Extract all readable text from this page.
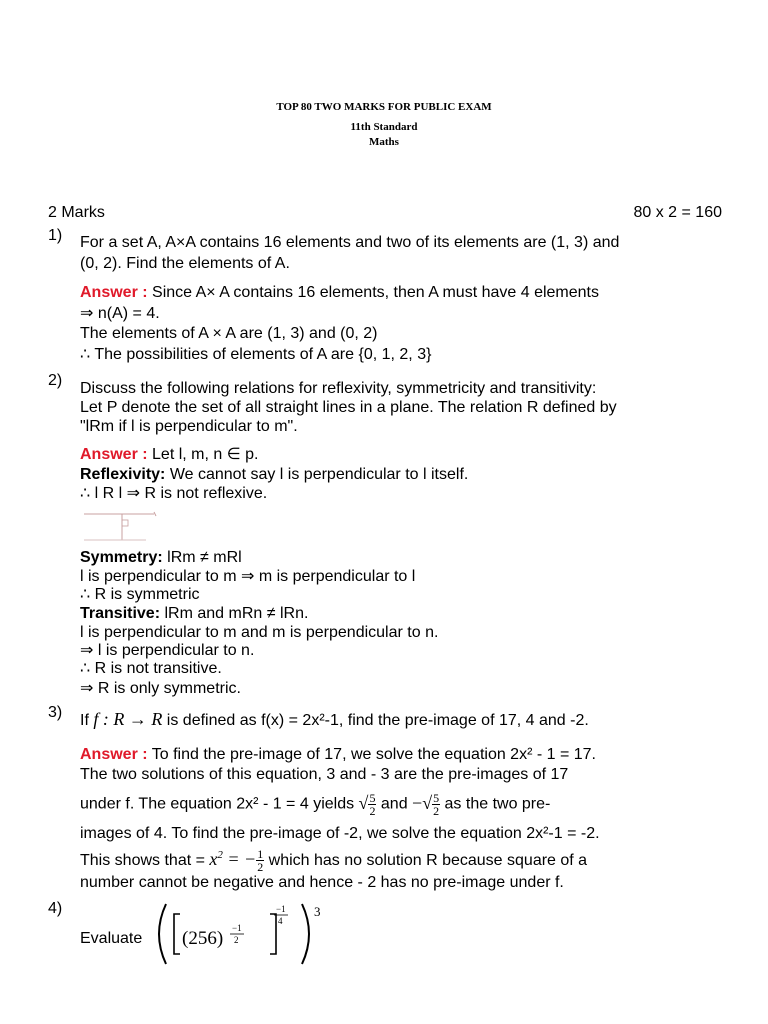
TOP 80 TWO MARKS FOR PUBLIC EXAM
11th Standard
Maths
2 Marks	80 x 2 = 160
1) For a set A, A×A contains 16 elements and two of its elements are (1, 3) and
(0, 2). Find the elements of A.
Answer : Since A× A contains 16 elements, then A must have 4 elements
⇒ n(A) = 4.
The elements of A × A are (1, 3) and (0, 2)
∴ The possibilities of elements of A are {0, 1, 2, 3}
2) Discuss the following relations for reflexivity, symmetricity and transitivity:
Let P denote the set of all straight lines in a plane. The relation R defined by
"lRm if l is perpendicular to m".
Answer : Let l, m, n ∈ p.
Reflexivity: We cannot say l is perpendicular to l itself.
∴ l R l ⇒ R is not reflexive.
Symmetry: lRm ≠ mRl
l is perpendicular to m ⇒ m is perpendicular to l
∴ R is symmetric
Transitive: lRm and mRn ≠ lRn.
l is perpendicular to m and m is perpendicular to n.
⇒ l is perpendicular to n.
∴ R is not transitive.
⇒ R is only symmetric.
3) If f : R → R is defined as f(x) = 2x²-1, find the pre-image of 17, 4 and -2.
Answer : To find the pre-image of 17, we solve the equation 2x² - 1 = 17.
The two solutions of this equation, 3 and - 3 are the pre-images of 17
under f. The equation 2x² - 1 = 4 yields √ $\frac{5}{2}$ and −√ $\frac{5}{2}$ as the two pre-
images of 4. To find the pre-image of -2, we solve the equation 2x²-1 = -2.
This shows that = $x^2$ = − $\frac{1}{2}$ which has no solution R because square of a
number cannot be negative and hence - 2 has no pre-image under f.
4)
Evaluate (256) −1
2
−1
4
3
